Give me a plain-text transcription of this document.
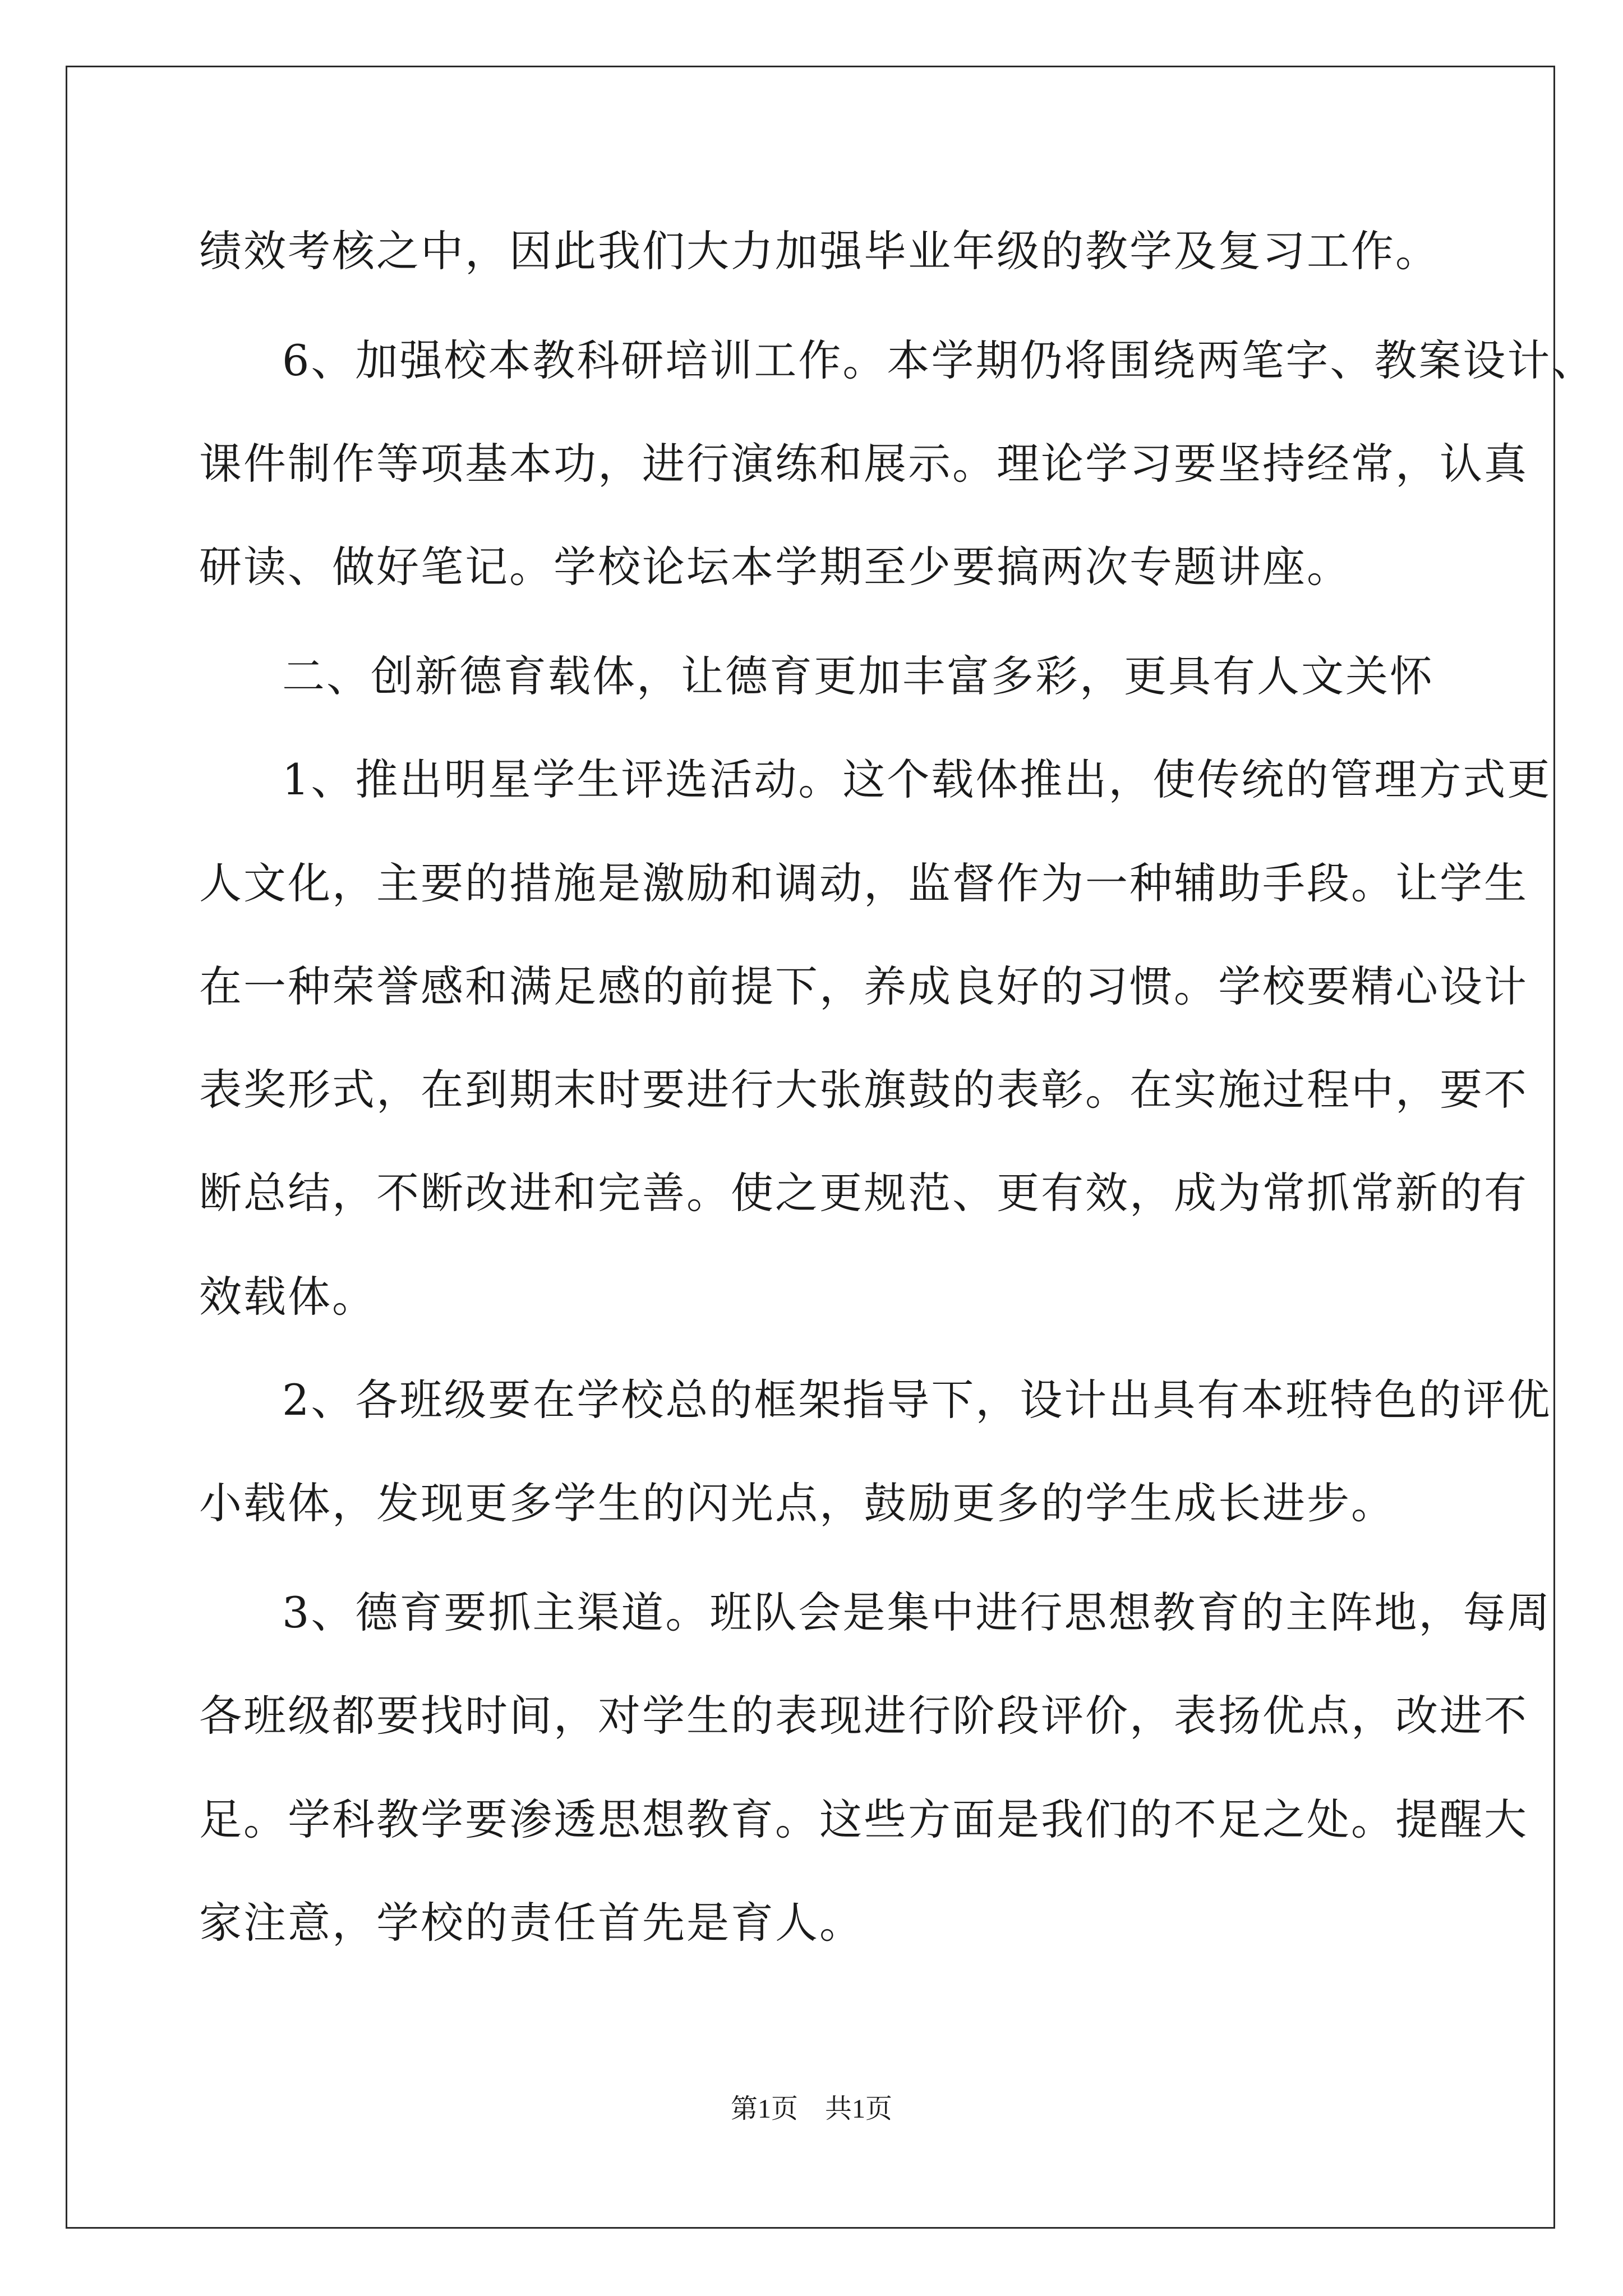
绩效考核之中，因此我们大力加强毕业年级的教学及复习工作。
6、加强校本教科研培训工作。本学期仍将围绕两笔字、教案设计、
课件制作等项基本功，进行演练和展示。理论学习要坚持经常，认真
研读、做好笔记。学校论坛本学期至少要搞两次专题讲座。
二、创新德育载体，让德育更加丰富多彩，更具有人文关怀
1、推出明星学生评选活动。这个载体推出，使传统的管理方式更
人文化，主要的措施是激励和调动，监督作为一种辅助手段。让学生
在一种荣誉感和满足感的前提下，养成良好的习惯。学校要精心设计
表奖形式，在到期末时要进行大张旗鼓的表彰。在实施过程中，要不
断总结，不断改进和完善。使之更规范、更有效，成为常抓常新的有
效载体。
2、各班级要在学校总的框架指导下，设计出具有本班特色的评优
小载体，发现更多学生的闪光点，鼓励更多的学生成长进步。
3、德育要抓主渠道。班队会是集中进行思想教育的主阵地，每周
各班级都要找时间，对学生的表现进行阶段评价，表扬优点，改进不
足。学科教学要渗透思想教育。这些方面是我们的不足之处。提醒大
家注意，学校的责任首先是育人。
第1页　共1页
